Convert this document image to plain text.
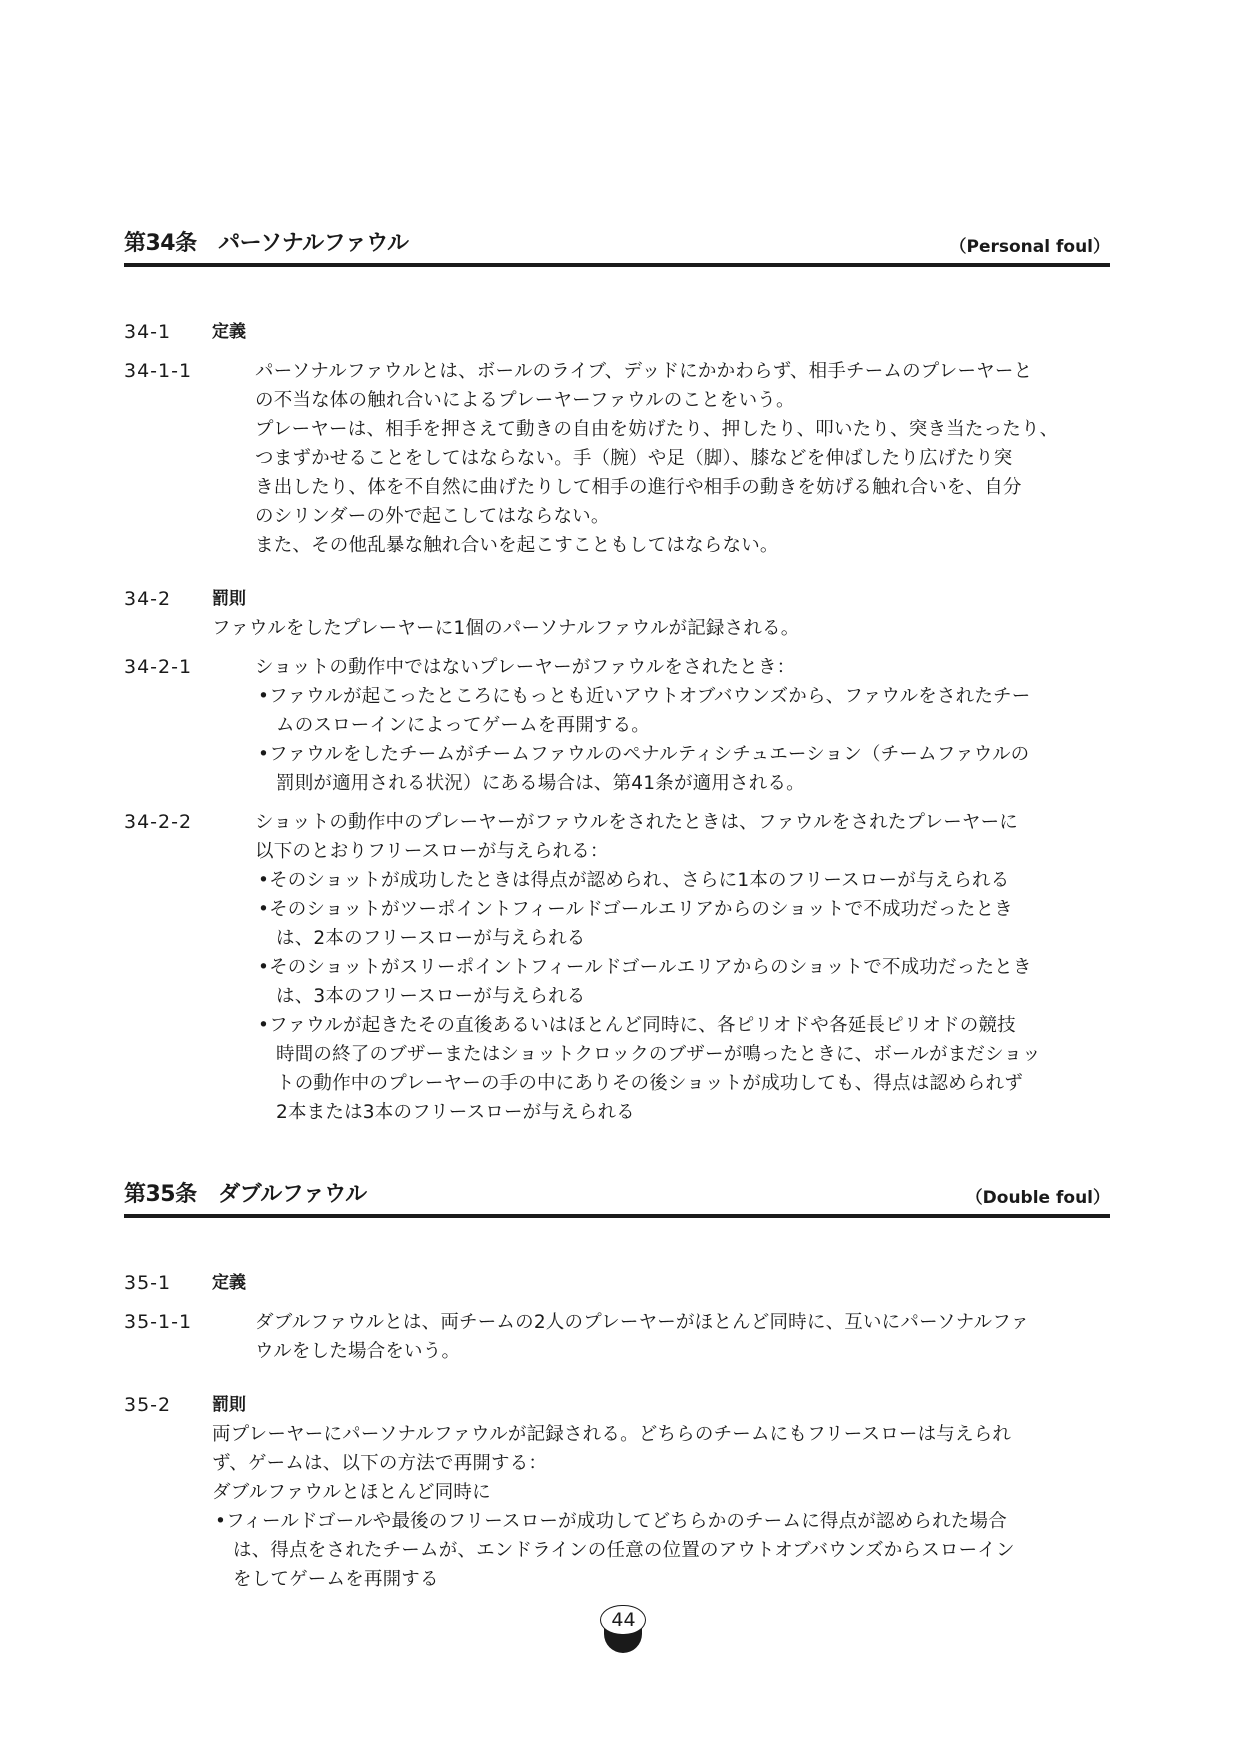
第34条　パーソナルファウル	（Personal foul）
34-1 定義
34-1-1	パーソナルファウルとは、ボールのライブ、デッドにかかわらず、相手チームのプレーヤーと
の不当な体の触れ合いによるプレーヤーファウルのことをいう。
プレーヤーは、相手を押さえて動きの自由を妨げたり、押したり、叩いたり、突き当たったり、
つまずかせることをしてはならない。手（腕）や足（脚）、膝などを伸ばしたり広げたり突
き出したり、体を不自然に曲げたりして相手の進行や相手の動きを妨げる触れ合いを、自分
のシリンダーの外で起こしてはならない。
また、その他乱暴な触れ合いを起こすこともしてはならない。
34-2 罰則
ファウルをしたプレーヤーに1個のパーソナルファウルが記録される。
34-2-1	ショットの動作中ではないプレーヤーがファウルをされたとき：
•ファウルが起こったところにもっとも近いアウトオブバウンズから、ファウルをされたチー
ムのスローインによってゲームを再開する。
•ファウルをしたチームがチームファウルのペナルティシチュエーション（チームファウルの
罰則が適用される状況）にある場合は、第41条が適用される。
34-2-2	ショットの動作中のプレーヤーがファウルをされたときは、ファウルをされたプレーヤーに
以下のとおりフリースローが与えられる：
•そのショットが成功したときは得点が認められ、さらに1本のフリースローが与えられる
•そのショットがツーポイントフィールドゴールエリアからのショットで不成功だったとき
は、2本のフリースローが与えられる
•そのショットがスリーポイントフィールドゴールエリアからのショットで不成功だったとき
は、3本のフリースローが与えられる
•ファウルが起きたその直後あるいはほとんど同時に、各ピリオドや各延長ピリオドの競技
時間の終了のブザーまたはショットクロックのブザーが鳴ったときに、ボールがまだショッ
トの動作中のプレーヤーの手の中にありその後ショットが成功しても、得点は認められず
2本または3本のフリースローが与えられる
第35条　ダブルファウル	（Double foul）
35-1 定義
35-1-1	ダブルファウルとは、両チームの2人のプレーヤーがほとんど同時に、互いにパーソナルファ
ウルをした場合をいう。
35-2 罰則
両プレーヤーにパーソナルファウルが記録される。どちらのチームにもフリースローは与えられ
ず、ゲームは、以下の方法で再開する：
ダブルファウルとほとんど同時に
•フィールドゴールや最後のフリースローが成功してどちらかのチームに得点が認められた場合
は、得点をされたチームが、エンドラインの任意の位置のアウトオブバウンズからスローイン
をしてゲームを再開する
44
